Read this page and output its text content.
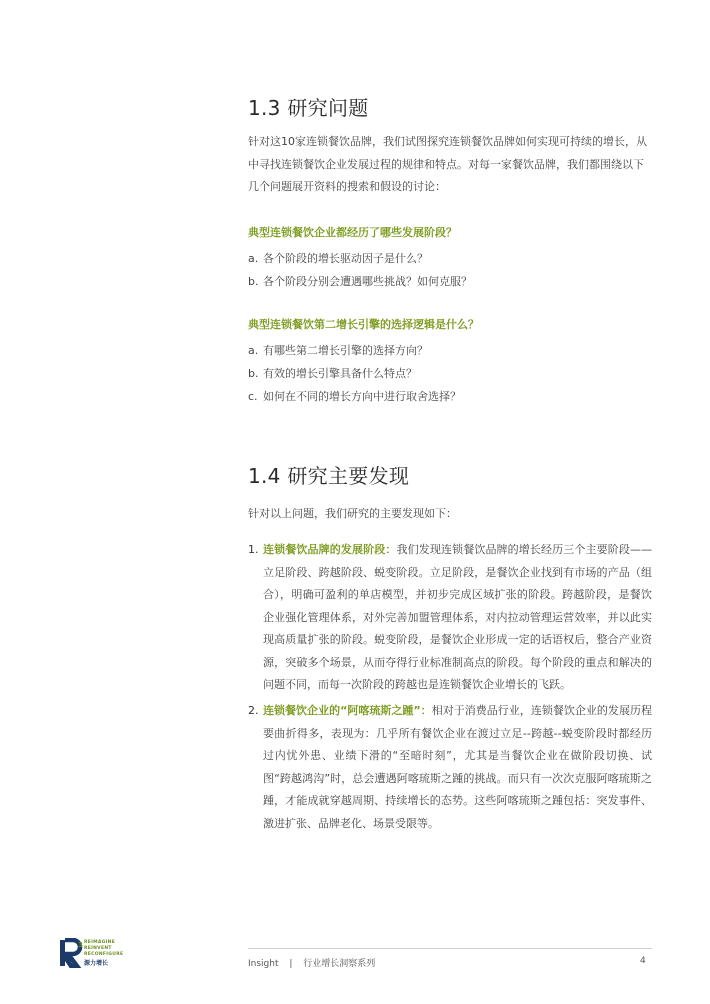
1.3 研究问题

针对这10家连锁餐饮品牌，我们试图探究连锁餐饮品牌如何实现可持续的增长，从中寻找连锁餐饮企业发展过程的规律和特点。对每一家餐饮品牌，我们都围绕以下几个问题展开资料的搜索和假设的讨论：

典型连锁餐饮企业都经历了哪些发展阶段？

a. 各个阶段的增长驱动因子是什么？
b. 各个阶段分别会遭遇哪些挑战？如何克服？

典型连锁餐饮第二增长引擎的选择逻辑是什么？

a. 有哪些第二增长引擎的选择方向？
b. 有效的增长引擎具备什么特点？
c. 如何在不同的增长方向中进行取舍选择？
1.4 研究主要发现

针对以上问题，我们研究的主要发现如下：

1. 连锁餐饮品牌的发展阶段：我们发现连锁餐饮品牌的增长经历三个主要阶段——立足阶段、跨越阶段、蜕变阶段。立足阶段，是餐饮企业找到有市场的产品（组合），明确可盈利的单店模型，并初步完成区域扩张的阶段。跨越阶段，是餐饮企业强化管理体系，对外完善加盟管理体系，对内拉动管理运营效率，并以此实现高质量扩张的阶段。蜕变阶段，是餐饮企业形成一定的话语权后，整合产业资源，突破多个场景，从而夺得行业标准制高点的阶段。每个阶段的重点和解决的问题不同，而每一次阶段的跨越也是连锁餐饮企业增长的飞跃。
2. 连锁餐饮企业的“阿喀琉斯之踵”：相对于消费品行业，连锁餐饮企业的发展历程要曲折得多，表现为：几乎所有餐饮企业在渡过立足--跨越--蜕变阶段时都经历过内忧外患、业绩下滑的“至暗时刻”，尤其是当餐饮企业在做阶段切换、试图“跨越鸿沟”时，总会遭遇阿喀琉斯之踵的挑战。而只有一次次克服阿喀琉斯之踵，才能成就穿越周期、持续增长的态势。这些阿喀琉斯之踵包括：突发事件、激进扩张、品牌老化、场景受限等。
3 REIMAGINE
REINVENT
RECONFIGURE
源力增长	Insight | 行业增长洞察系列	4
